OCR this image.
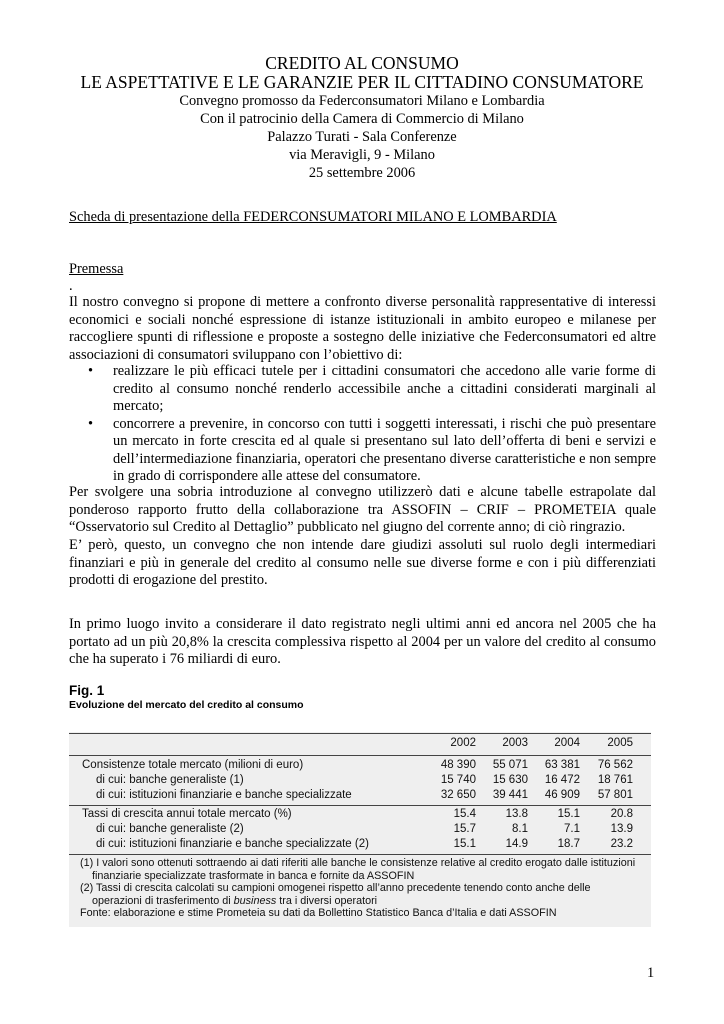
CREDITO AL CONSUMO
LE ASPETTATIVE E LE GARANZIE PER IL CITTADINO CONSUMATORE
Convegno promosso da Federconsumatori Milano e Lombardia
Con il patrocinio della Camera di Commercio di Milano
Palazzo Turati - Sala Conferenze
via Meravigli, 9 - Milano
25 settembre 2006
Scheda di presentazione della FEDERCONSUMATORI MILANO E LOMBARDIA
Premessa
.
Il nostro convegno si propone di mettere a confronto diverse personalità rappresentative di interessi economici e sociali nonché espressione di istanze istituzionali in ambito europeo e milanese per raccogliere spunti di riflessione e proposte a sostegno delle iniziative che Federconsumatori ed altre associazioni di consumatori sviluppano con l’obiettivo di:
• realizzare le più efficaci tutele per i cittadini consumatori che accedono alle varie forme di credito al consumo nonché renderlo accessibile anche a cittadini considerati marginali al mercato;
• concorrere a prevenire, in concorso con tutti i soggetti interessati, i rischi che può presentare un mercato in forte crescita ed al quale si presentano sul lato dell’offerta di beni e servizi e dell’intermediazione finanziaria, operatori che presentano diverse caratteristiche e non sempre in grado di corrispondere alle attese del consumatore.
Per svolgere una sobria introduzione al convegno utilizzerò dati e alcune tabelle estrapolate dal ponderoso rapporto frutto della collaborazione tra ASSOFIN – CRIF – PROMETEIA quale “Osservatorio sul Credito al Dettaglio” pubblicato nel giugno del corrente anno; di ciò ringrazio.
E’ però, questo, un convegno che non intende dare giudizi assoluti sul ruolo degli intermediari finanziari e più in generale del credito al consumo nelle sue diverse forme e con i più differenziati prodotti di erogazione del prestito.
In primo luogo invito a considerare il dato registrato negli ultimi anni ed ancora nel 2005 che ha portato ad un più 20,8% la crescita complessiva rispetto al 2004 per un valore del credito al consumo che ha superato i 76 miliardi di euro.
Fig. 1
Evoluzione del mercato del credito al consumo
2002	2003	2004	2005
Consistenze totale mercato (milioni di euro)	48 390	55 071	63 381	76 562
di cui: banche generaliste (1)	15 740	15 630	16 472	18 761
di cui: istituzioni finanziarie e banche specializzate	32 650	39 441	46 909	57 801
Tassi di crescita annui totale mercato (%)	15.4	13.8	15.1	20.8
di cui: banche generaliste (2)	15.7	8.1	7.1	13.9
di cui: istituzioni finanziarie e banche specializzate (2)	15.1	14.9	18.7	23.2
(1) I valori sono ottenuti sottraendo ai dati riferiti alle banche le consistenze relative al credito erogato dalle istituzioni
finanziarie specializzate trasformate in banca e fornite da ASSOFIN
(2) Tassi di crescita calcolati su campioni omogenei rispetto all’anno precedente tenendo conto anche delle
operazioni di trasferimento di business tra i diversi operatori
Fonte: elaborazione e stime Prometeia su dati da Bollettino Statistico Banca d’Italia e dati ASSOFIN
1
